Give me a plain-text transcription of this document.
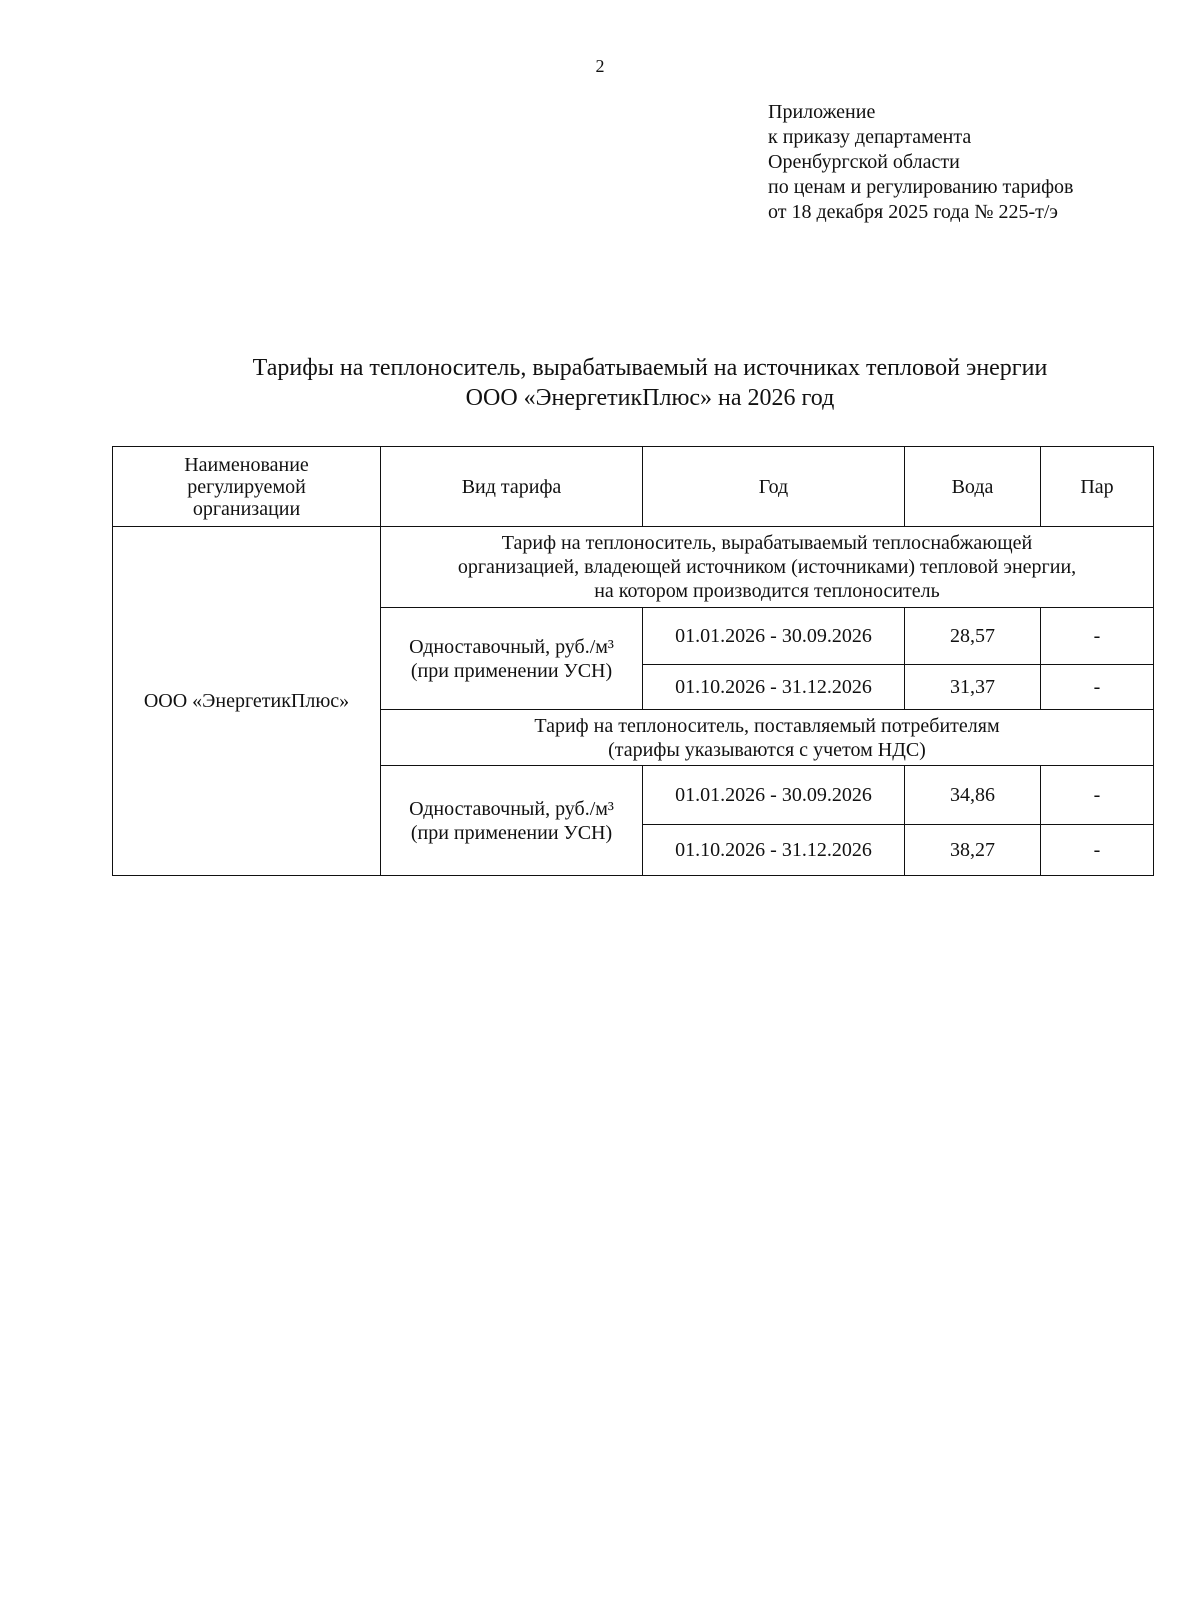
2
Приложение
к приказу департамента
Оренбургской области
по ценам и регулированию тарифов
от 18 декабря 2025 года № 225-т/э
Тарифы на теплоноситель, вырабатываемый на источниках тепловой энергии
ООО «ЭнергетикПлюс» на 2026 год
Наименование
регулируемой
организации	Вид тарифа	Год	Вода	Пар
ООО «ЭнергетикПлюс»	Тариф на теплоноситель, вырабатываемый теплоснабжающей
организацией, владеющей источником (источниками) тепловой энергии,
на котором производится теплоноситель			

	Одноставочный, руб./м³
(при применении УСН)	01.01.2026 - 30.09.2026	28,57	-
		01.10.2026 - 31.12.2026	31,37	-

	Тариф на теплоноситель, поставляемый потребителям
(тарифы указываются с учетом НДС)			

	Одноставочный, руб./м³
(при применении УСН)	01.01.2026 - 30.09.2026	34,86	-
		01.10.2026 - 31.12.2026	38,27	-
